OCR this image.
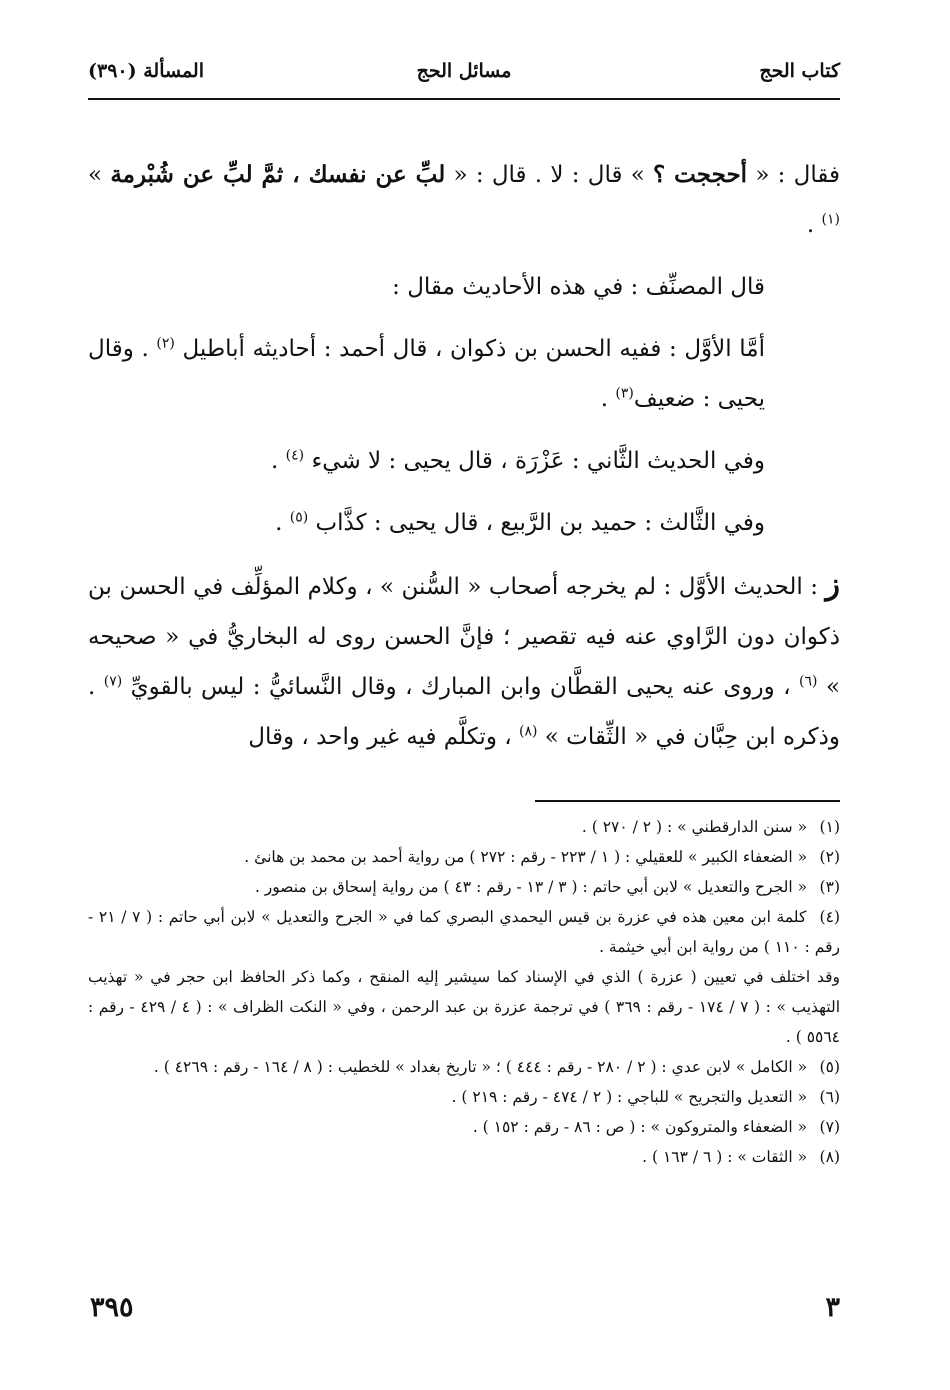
كتاب الحج
مسائل الحج
المسألة (٣٩٠)

فقال : « أحججت ؟ » قال : لا . قال : « لبِّ عن نفسك ، ثمَّ لبِّ عن شُبْرمة » $^{(١)}$ .

قال المصنِّف : في هذه الأحاديث مقال :

أمَّا الأوَّل : ففيه الحسن بن ذكوان ، قال أحمد : أحاديثه أباطيل $^{(٢)}$ . وقال يحيى : ضعيف$^{(٣)}$ .

وفي الحديث الثَّاني : عَزْرَة ، قال يحيى : لا شيء $^{(٤)}$ .

وفي الثَّالث : حميد بن الرَّبيع ، قال يحيى : كذَّاب $^{(٥)}$ .

ز : الحديث الأوَّل : لم يخرجه أصحاب « السُّنن » ، وكلام المؤلِّف في الحسن بن ذكوان دون الرَّاوي عنه فيه تقصير ؛ فإنَّ الحسن روى له البخاريُّ في « صحيحه » $^{(٦)}$ ، وروى عنه يحيى القطَّان وابن المبارك ، وقال النَّسائيُّ : ليس بالقويِّ $^{(٧)}$ . وذكره ابن حِبَّان في « الثِّقات » $^{(٨)}$ ، وتكلَّم فيه غير واحد ، وقال

(١) « سنن الدارقطني » : ( ٢ / ٢٧٠ ) .

(٢) « الضعفاء الكبير » للعقيلي : ( ١ / ٢٢٣ - رقم : ٢٧٢ ) من رواية أحمد بن محمد بن هانئ .

(٣) « الجرح والتعديل » لابن أبي حاتم : ( ٣ / ١٣ - رقم : ٤٣ ) من رواية إسحاق بن منصور .

(٤) كلمة ابن معين هذه في عزرة بن قيس اليحمدي البصري كما في « الجرح والتعديل » لابن أبي حاتم : ( ٧ / ٢١ - رقم : ١١٠ ) من رواية ابن أبي خيثمة .

وقد اختلف في تعيين ( عزرة ) الذي في الإسناد كما سيشير إليه المنقح ، وكما ذكر الحافظ ابن حجر في « تهذيب التهذيب » : ( ٧ / ١٧٤ - رقم : ٣٦٩ ) في ترجمة عزرة بن عبد الرحمن ، وفي « النكت الظراف » : ( ٤ / ٤٢٩ - رقم : ٥٥٦٤ ) .

(٥) « الكامل » لابن عدي : ( ٢ / ٢٨٠ - رقم : ٤٤٤ ) ؛ « تاريخ بغداد » للخطيب : ( ٨ / ١٦٤ - رقم : ٤٢٦٩ ) .

(٦) « التعديل والتجريح » للباجي : ( ٢ / ٤٧٤ - رقم : ٢١٩ ) .

(٧) « الضعفاء والمتروكون » : ( ص : ٨٦ - رقم : ١٥٢ ) .

(٨) « الثقات » : ( ٦ / ١٦٣ ) .

٣
٣٩٥
